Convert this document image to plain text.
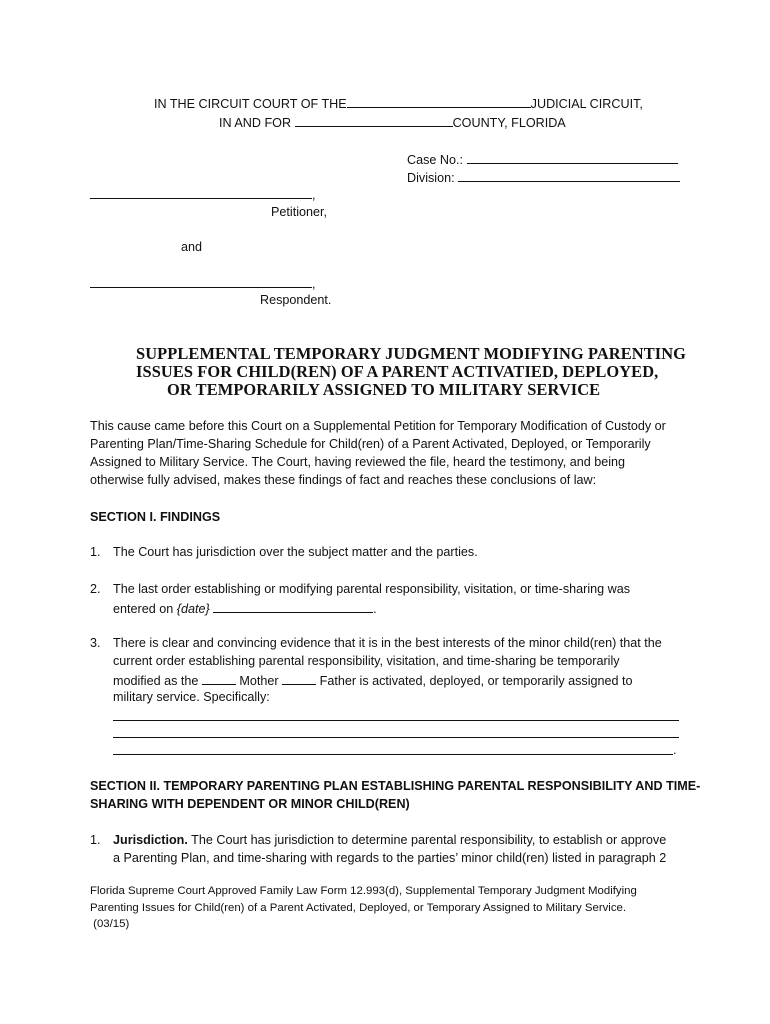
IN THE CIRCUIT COURT OF THE	JUDICIAL CIRCUIT,
IN AND FOR	COUNTY, FLORIDA
Case No.:
Division:
,
Petitioner,
and
,
Respondent.
SUPPLEMENTAL TEMPORARY JUDGMENT MODIFYING PARENTING
ISSUES FOR CHILD(REN) OF A PARENT ACTIVATIED, DEPLOYED,
OR TEMPORARILY ASSIGNED TO MILITARY SERVICE
This cause came before this Court on a Supplemental Petition for Temporary Modification of Custody or
Parenting Plan/Time-Sharing Schedule for Child(ren) of a Parent Activated, Deployed, or Temporarily
Assigned to Military Service. The Court, having reviewed the file, heard the testimony, and being
otherwise fully advised, makes these findings of fact and reaches these conclusions of law:
SECTION I. FINDINGS
1. The Court has jurisdiction over the subject matter and the parties.
2. The last order establishing or modifying parental responsibility, visitation, or time-sharing was
entered on {date}	.
3. There is clear and convincing evidence that it is in the best interests of the minor child(ren) that the
current order establishing parental responsibility, visitation, and time-sharing be temporarily
modified as the	Mother	Father is activated, deployed, or temporarily assigned to
military service. Specifically:
.
SECTION II. TEMPORARY PARENTING PLAN ESTABLISHING PARENTAL RESPONSIBILITY AND TIME-
SHARING WITH DEPENDENT OR MINOR CHILD(REN)
1. Jurisdiction. The Court has jurisdiction to determine parental responsibility, to establish or approve
a Parenting Plan, and time-sharing with regards to the parties’ minor child(ren) listed in paragraph 2
Florida Supreme Court Approved Family Law Form 12.993(d), Supplemental Temporary Judgment Modifying
Parenting Issues for Child(ren) of a Parent Activated, Deployed, or Temporary Assigned to Military Service.
(03/15)
